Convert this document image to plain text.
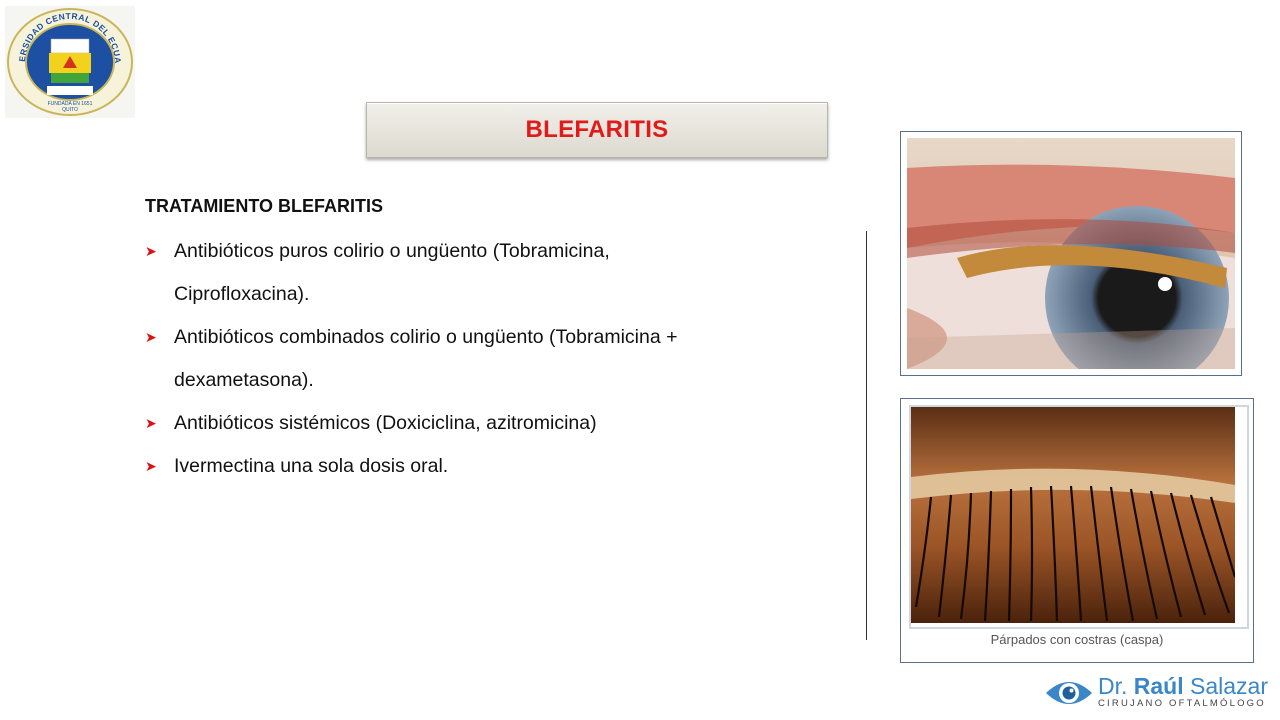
ERSIDAD CENTRAL DEL ECUA
FUNDADA EN 1651
QUITO
BLEFARITIS
TRATAMIENTO BLEFARITIS
➤ Antibióticos puros colirio o ungüento (Tobramicina,
Ciprofloxacina).
➤ Antibióticos combinados colirio o ungüento (Tobramicina +
dexametasona).
➤ Antibióticos sistémicos (Doxiciclina, azitromicina)
➤ Ivermectina una sola dosis oral.
Párpados con costras (caspa)
Dr. Raúl Salazar
CIRUJANO OFTALMÓLOGO
